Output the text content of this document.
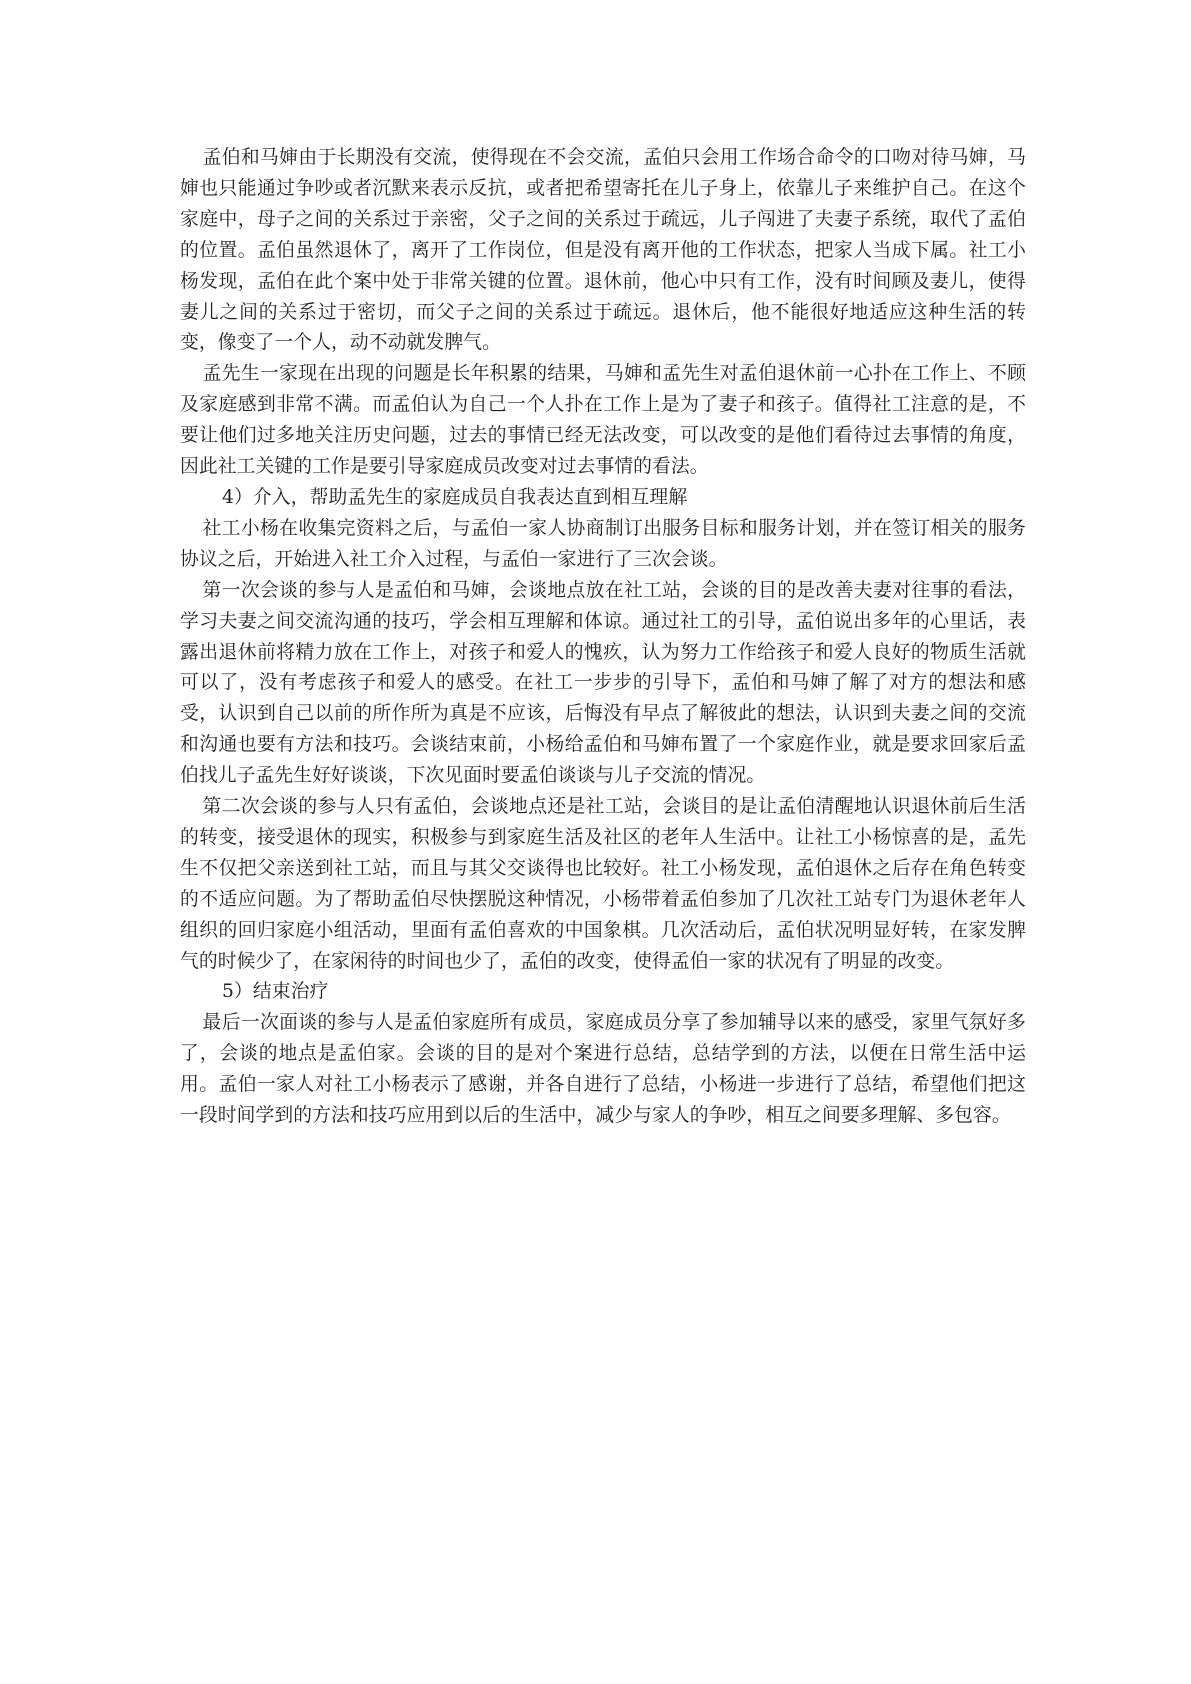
孟伯和马婶由于长期没有交流，使得现在不会交流，孟伯只会用工作场合命令的口吻对待马婶，马婶也只能通过争吵或者沉默来表示反抗，或者把希望寄托在儿子身上，依靠儿子来维护自己。在这个家庭中，母子之间的关系过于亲密，父子之间的关系过于疏远，儿子闯进了夫妻子系统，取代了孟伯的位置。孟伯虽然退休了，离开了工作岗位，但是没有离开他的工作状态，把家人当成下属。社工小杨发现，孟伯在此个案中处于非常关键的位置。退休前，他心中只有工作，没有时间顾及妻儿，使得妻儿之间的关系过于密切，而父子之间的关系过于疏远。退休后，他不能很好地适应这种生活的转变，像变了一个人，动不动就发脾气。

孟先生一家现在出现的问题是长年积累的结果，马婶和孟先生对孟伯退休前一心扑在工作上、不顾及家庭感到非常不满。而孟伯认为自己一个人扑在工作上是为了妻子和孩子。值得社工注意的是，不要让他们过多地关注历史问题，过去的事情已经无法改变，可以改变的是他们看待过去事情的角度，因此社工关键的工作是要引导家庭成员改变对过去事情的看法。

4）介入，帮助孟先生的家庭成员自我表达直到相互理解

社工小杨在收集完资料之后，与孟伯一家人协商制订出服务目标和服务计划，并在签订相关的服务协议之后，开始进入社工介入过程，与孟伯一家进行了三次会谈。

第一次会谈的参与人是孟伯和马婶，会谈地点放在社工站，会谈的目的是改善夫妻对往事的看法，学习夫妻之间交流沟通的技巧，学会相互理解和体谅。通过社工的引导，孟伯说出多年的心里话，表露出退休前将精力放在工作上，对孩子和爱人的愧疚，认为努力工作给孩子和爱人良好的物质生活就可以了，没有考虑孩子和爱人的感受。在社工一步步的引导下，孟伯和马婶了解了对方的想法和感受，认识到自己以前的所作所为真是不应该，后悔没有早点了解彼此的想法，认识到夫妻之间的交流和沟通也要有方法和技巧。会谈结束前，小杨给孟伯和马婶布置了一个家庭作业，就是要求回家后孟伯找儿子孟先生好好谈谈，下次见面时要孟伯谈谈与儿子交流的情况。

第二次会谈的参与人只有孟伯，会谈地点还是社工站，会谈目的是让孟伯清醒地认识退休前后生活的转变，接受退休的现实，积极参与到家庭生活及社区的老年人生活中。让社工小杨惊喜的是，孟先生不仅把父亲送到社工站，而且与其父交谈得也比较好。社工小杨发现，孟伯退休之后存在角色转变的不适应问题。为了帮助孟伯尽快摆脱这种情况，小杨带着孟伯参加了几次社工站专门为退休老年人组织的回归家庭小组活动，里面有孟伯喜欢的中国象棋。几次活动后，孟伯状况明显好转，在家发脾气的时候少了，在家闲待的时间也少了，孟伯的改变，使得孟伯一家的状况有了明显的改变。

5）结束治疗

最后一次面谈的参与人是孟伯家庭所有成员，家庭成员分享了参加辅导以来的感受，家里气氛好多了，会谈的地点是孟伯家。会谈的目的是对个案进行总结，总结学到的方法，以便在日常生活中运用。孟伯一家人对社工小杨表示了感谢，并各自进行了总结，小杨进一步进行了总结，希望他们把这一段时间学到的方法和技巧应用到以后的生活中，减少与家人的争吵，相互之间要多理解、多包容。
